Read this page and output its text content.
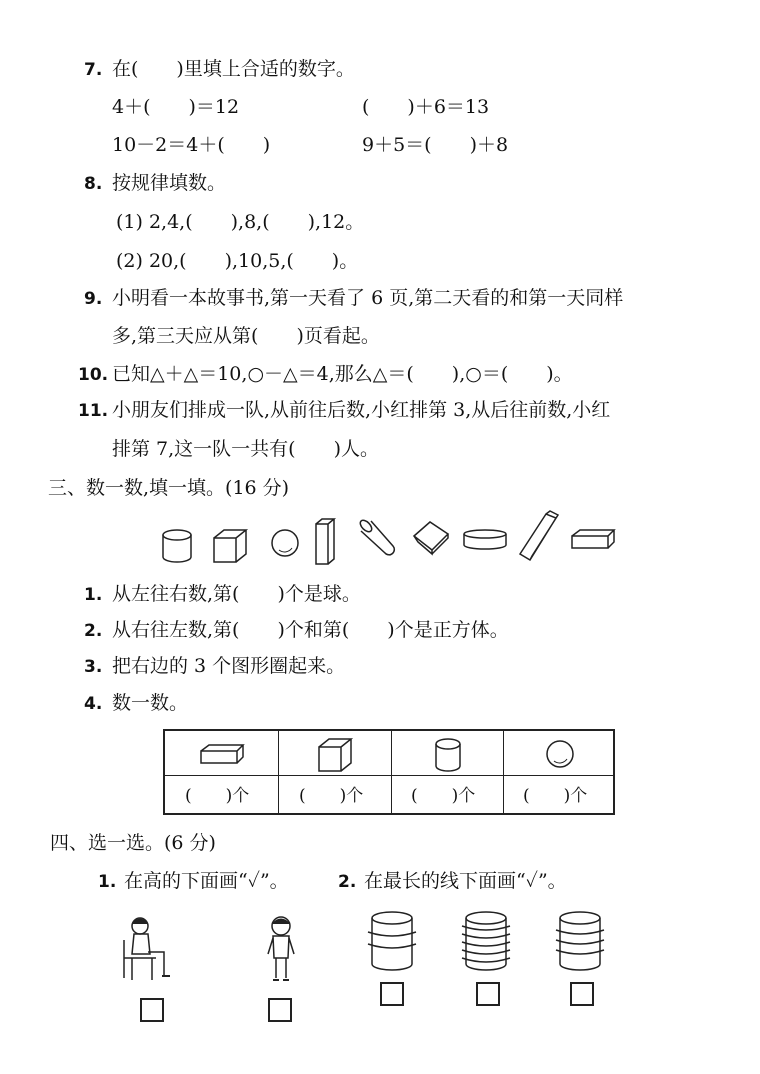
7. 在(　　)里填上合适的数字。
4＋(　　)＝12	(　　)＋6＝13
10－2＝4＋(　　)	9＋5＝(　　)＋8
8. 按规律填数。
(1) 2,4,(　　),8,(　　),12。
(2) 20,(　　),10,5,(　　)。
9. 小明看一本故事书,第一天看了 6 页,第二天看的和第一天同样
多,第三天应从第(　　)页看起。
10. 已知△＋△＝10,○－△＝4,那么△＝(　　),○＝(　　)。
11. 小朋友们排成一队,从前往后数,小红排第 3,从后往前数,小红
排第 7,这一队一共有(　　)人。
三、数一数,填一填。(16 分)
1. 从左往右数,第(　　)个是球。
2. 从右往左数,第(　　)个和第(　　)个是正方体。
3. 把右边的 3 个图形圈起来。
4. 数一数。
(　　)个	(　　)个	(　　)个	(　　)个
四、选一选。(6 分)
1. 在高的下面画“✓”。	2. 在最长的线下面画“✓”。
